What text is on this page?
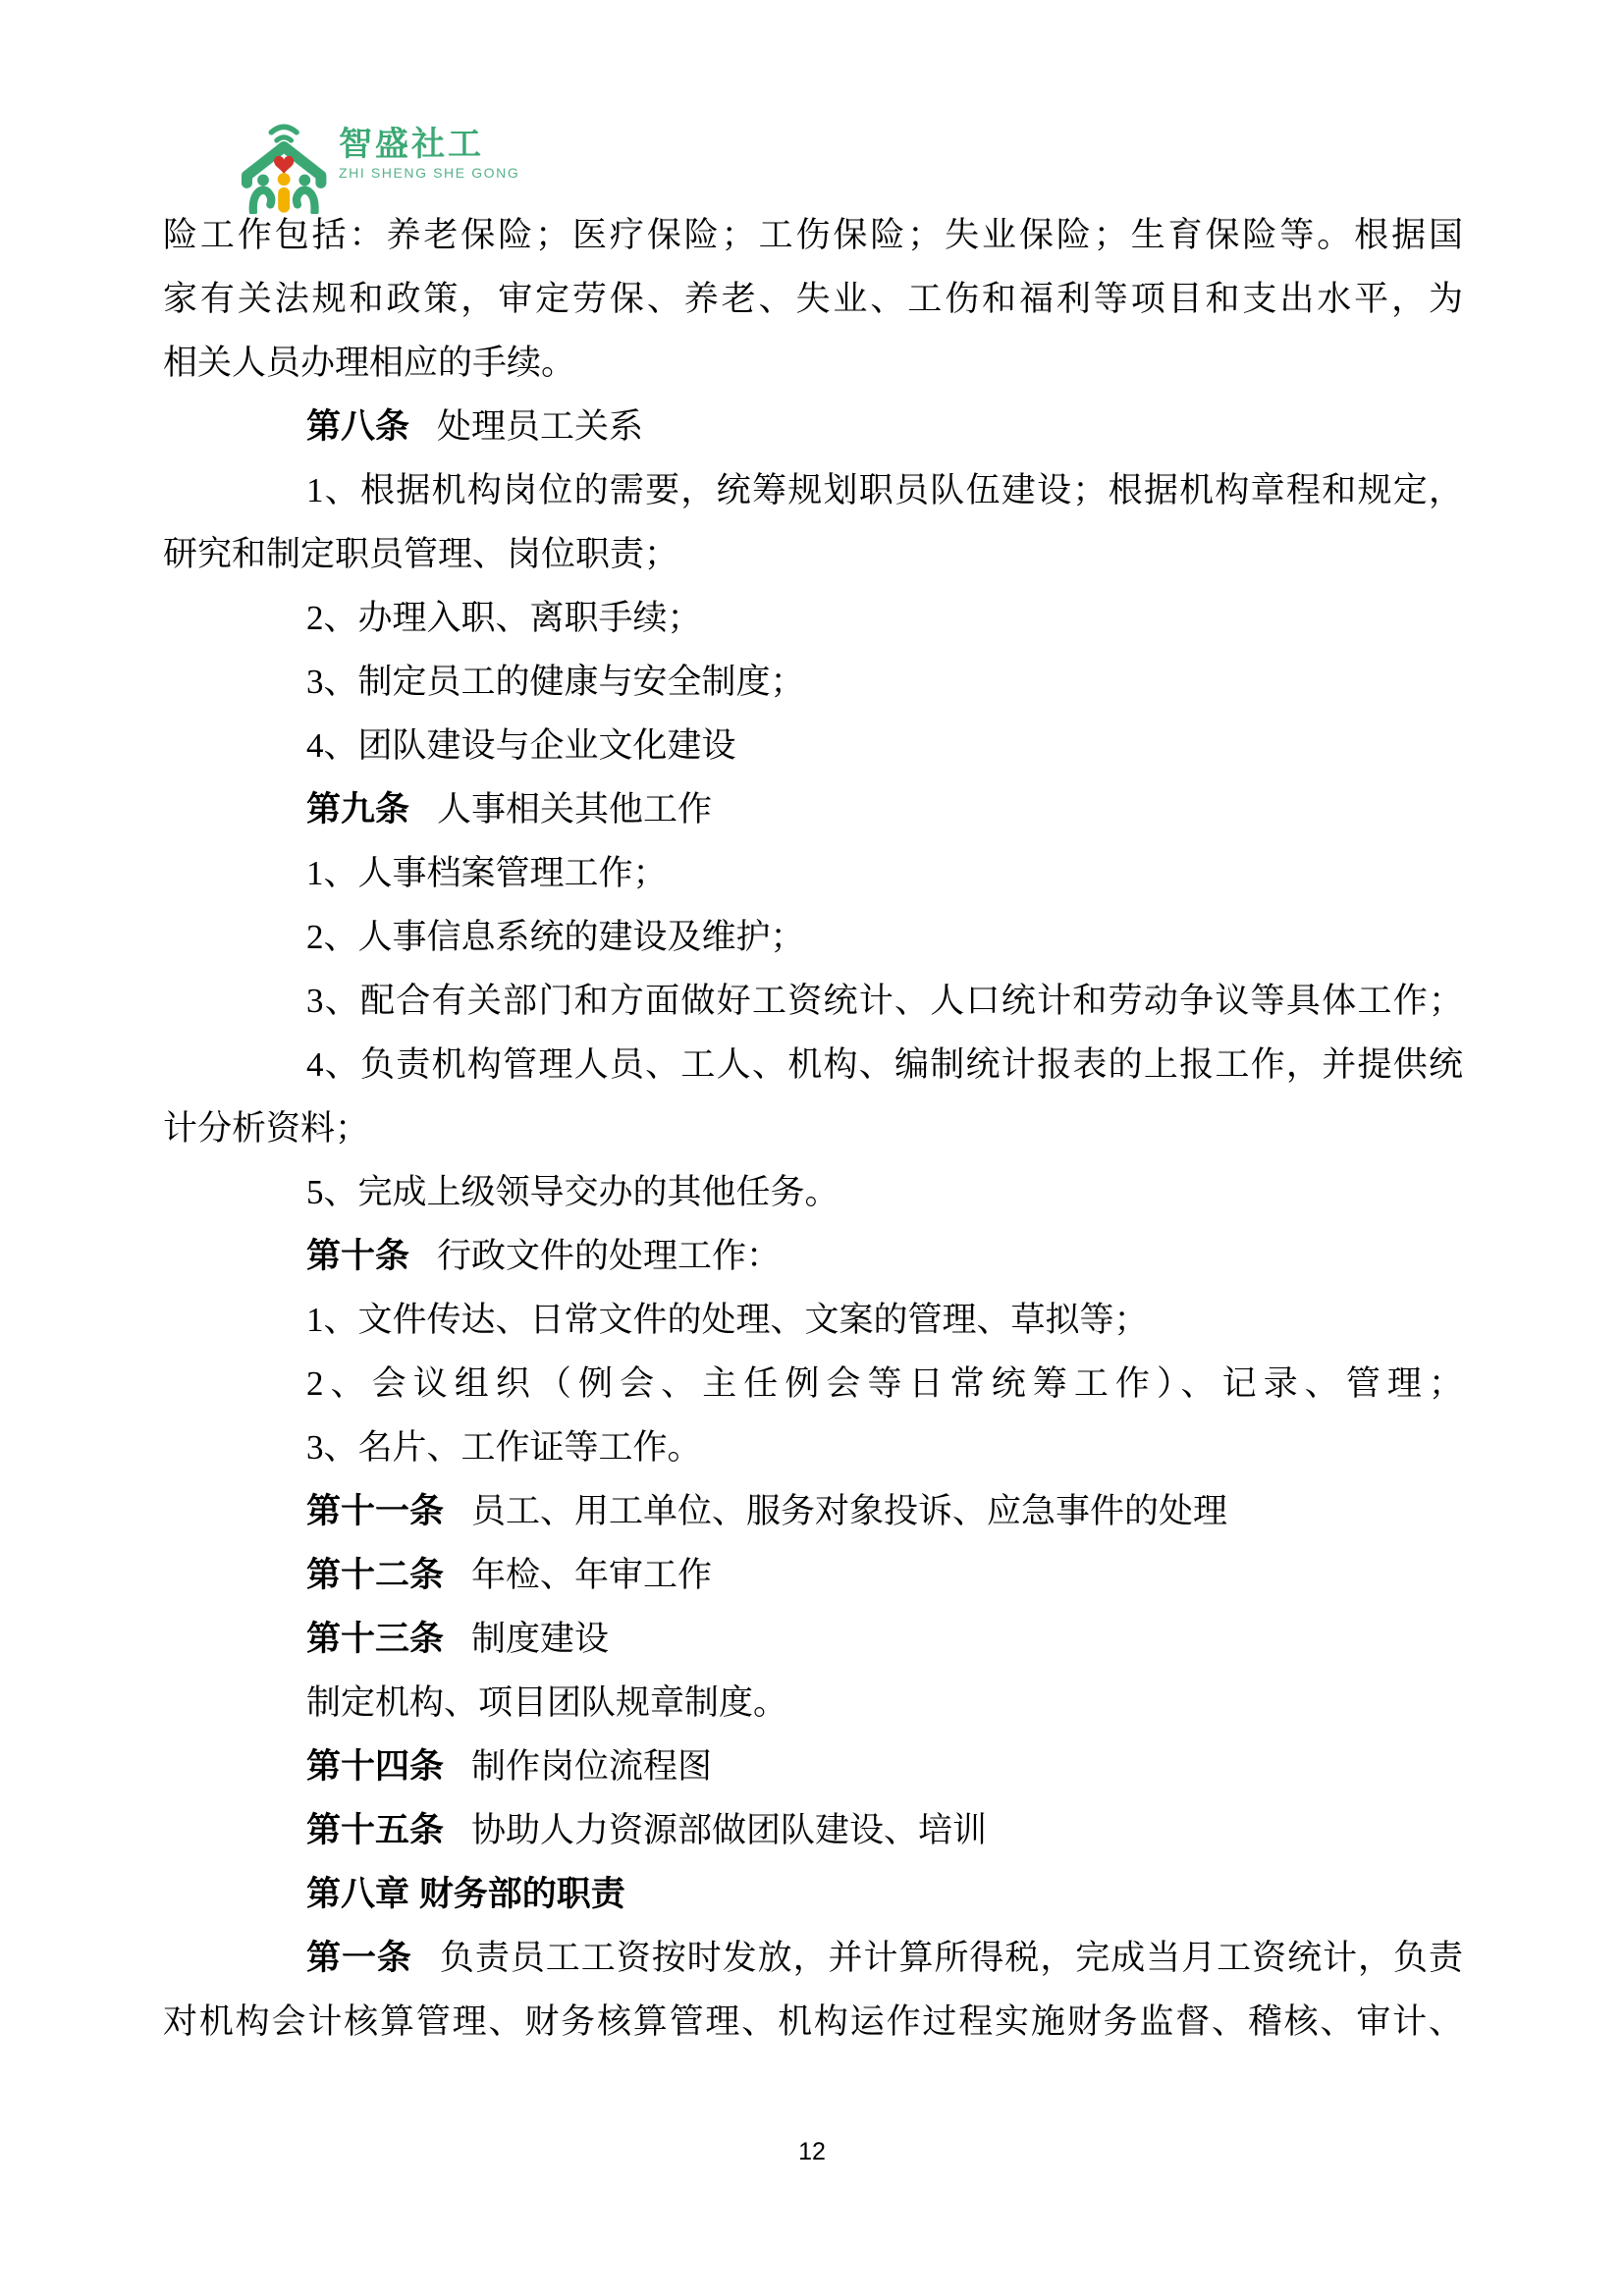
智盛社工
ZHI SHENG SHE GONG
险工作包括：养老保险；医疗保险；工伤保险；失业保险；生育保险等。根据国
家有关法规和政策，审定劳保、养老、失业、工伤和福利等项目和支出水平，为
相关人员办理相应的手续。
第八条 处理员工关系
1、根据机构岗位的需要，统筹规划职员队伍建设；根据机构章程和规定，
研究和制定职员管理、岗位职责；
2、办理入职、离职手续；
3、制定员工的健康与安全制度；
4、团队建设与企业文化建设
第九条 人事相关其他工作
1、人事档案管理工作；
2、人事信息系统的建设及维护；
3、配合有关部门和方面做好工资统计、人口统计和劳动争议等具体工作；
4、负责机构管理人员、工人、机构、编制统计报表的上报工作，并提供统
计分析资料；
5、完成上级领导交办的其他任务。
第十条 行政文件的处理工作：
1、文件传达、日常文件的处理、文案的管理、草拟等；
2、会议组织（例会、主任例会等日常统筹工作）、记录、管理；
3、名片、工作证等工作。
第十一条 员工、用工单位、服务对象投诉、应急事件的处理
第十二条 年检、年审工作
第十三条 制度建设
制定机构、项目团队规章制度。
第十四条 制作岗位流程图
第十五条 协助人力资源部做团队建设、培训
第八章 财务部的职责
第一条 负责员工工资按时发放，并计算所得税，完成当月工资统计，负责
对机构会计核算管理、财务核算管理、机构运作过程实施财务监督、稽核、审计、
12
